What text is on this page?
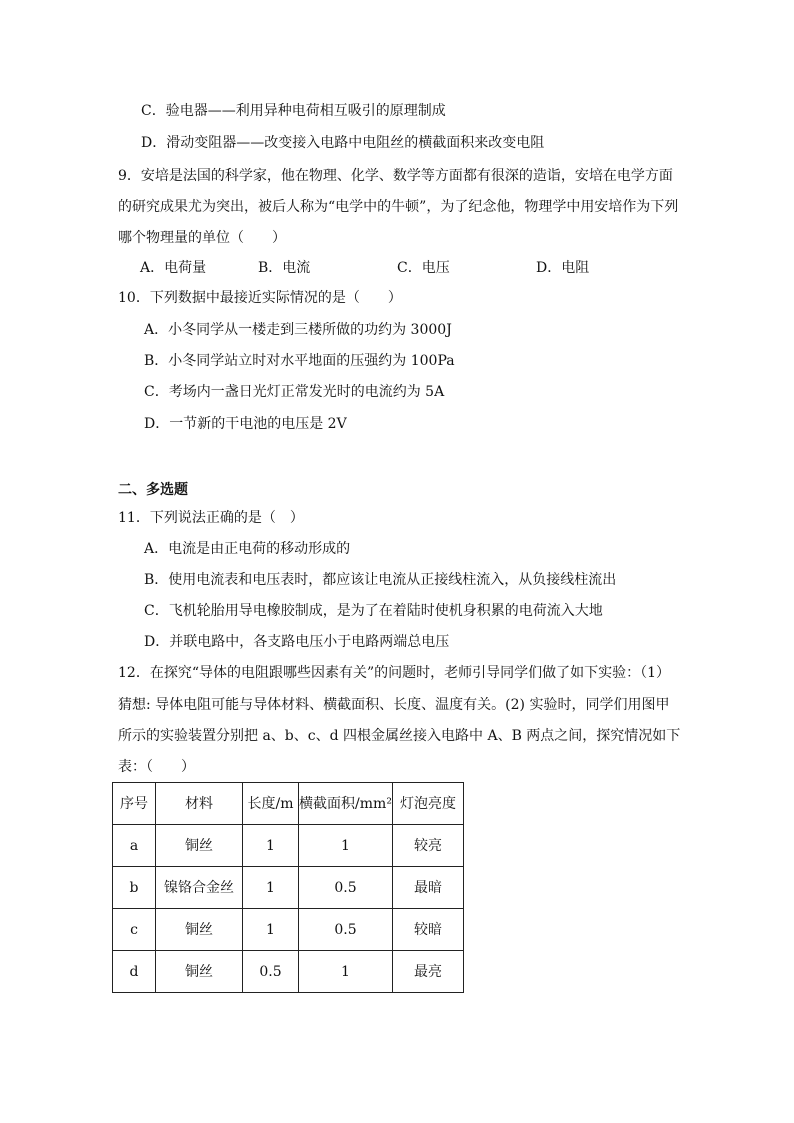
C．验电器——利用异种电荷相互吸引的原理制成
D．滑动变阻器——改变接入电路中电阻丝的横截面积来改变电阻
9．安培是法国的科学家，他在物理、化学、数学等方面都有很深的造诣，安培在电学方面
的研究成果尤为突出，被后人称为“电学中的牛顿”，为了纪念他，物理学中用安培作为下列
哪个物理量的单位（　　）
A．电荷量	B．电流	C．电压	D．电阻
10．下列数据中最接近实际情况的是（　　）
A．小冬同学从一楼走到三楼所做的功约为 3000J
B．小冬同学站立时对水平地面的压强约为 100Pa
C．考场内一盏日光灯正常发光时的电流约为 5A
D．一节新的干电池的电压是 2V
二、多选题
11．下列说法正确的是（　）
A．电流是由正电荷的移动形成的
B．使用电流表和电压表时，都应该让电流从正接线柱流入，从负接线柱流出
C．飞机轮胎用导电橡胶制成，是为了在着陆时使机身积累的电荷流入大地
D．并联电路中，各支路电压小于电路两端总电压
12．在探究“导体的电阻跟哪些因素有关”的问题时，老师引导同学们做了如下实验：（1）
猜想: 导体电阻可能与导体材料、横截面积、长度、温度有关。(2) 实验时，同学们用图甲
所示的实验装置分别把 a、b、c、d 四根金属丝接入电路中 A、B 两点之间，探究情况如下
表：（　　）
序号	材料	长度/m	横截面积/mm²	灯泡亮度
a	铜丝	1	1	较亮
b	镍铬合金丝	1	0.5	最暗
c	铜丝	1	0.5	较暗
d	铜丝	0.5	1	最亮
